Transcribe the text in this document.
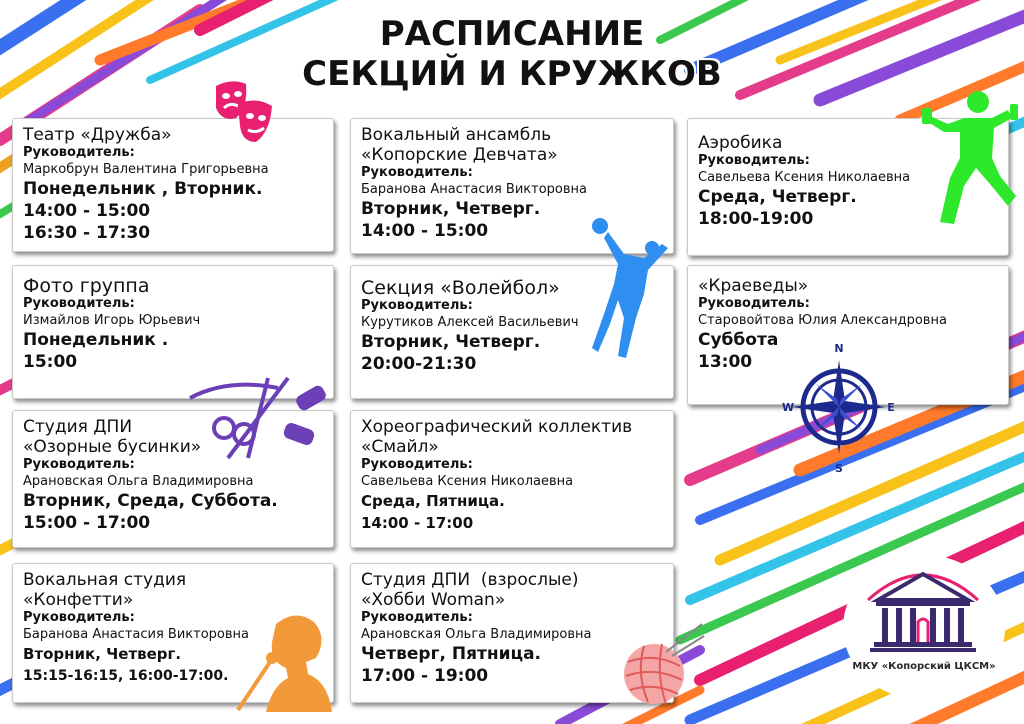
РАСПИСАНИЕ
СЕКЦИЙ И КРУЖКОВ
Театр «Дружба»
Руководитель:
Маркобрун Валентина Григорьевна
Понедельник , Вторник.
14:00 - 15:00
16:30 - 17:30
Вокальный ансамбль
«Копорские Девчата»
Руководитель:
Баранова Анастасия Викторовна
Вторник, Четверг.
14:00 - 15:00
Аэробика
Руководитель:
Савельева Ксения Николаевна
Среда, Четверг.
18:00-19:00
Фото группа
Руководитель:
Измайлов Игорь Юрьевич
Понедельник .
15:00
Секция «Волейбол»
Руководитель:
Курутиков Алексей Васильевич
Вторник, Четверг.
20:00-21:30
«Краеведы»
Руководитель:
Старовойтова Юлия Александровна
Суббота
13:00
Студия ДПИ
«Озорные бусинки»
Руководитель:
Арановская Ольга Владимировна
Вторник, Среда, Суббота.
15:00 - 17:00
Хореографический коллектив
«Смайл»
Руководитель:
Савельева Ксения Николаевна
Среда, Пятница.
14:00 - 17:00
Вокальная студия
«Конфетти»
Руководитель:
Баранова Анастасия Викторовна
Вторник, Четверг.
15:15-16:15, 16:00-17:00.
Студия ДПИ  (взрослые)
«Хобби Woman»
Руководитель:
Арановская Ольга Владимировна
Четверг, Пятница.
17:00 - 19:00
N
S
E
W
МКУ «Копорский ЦКСМ»
